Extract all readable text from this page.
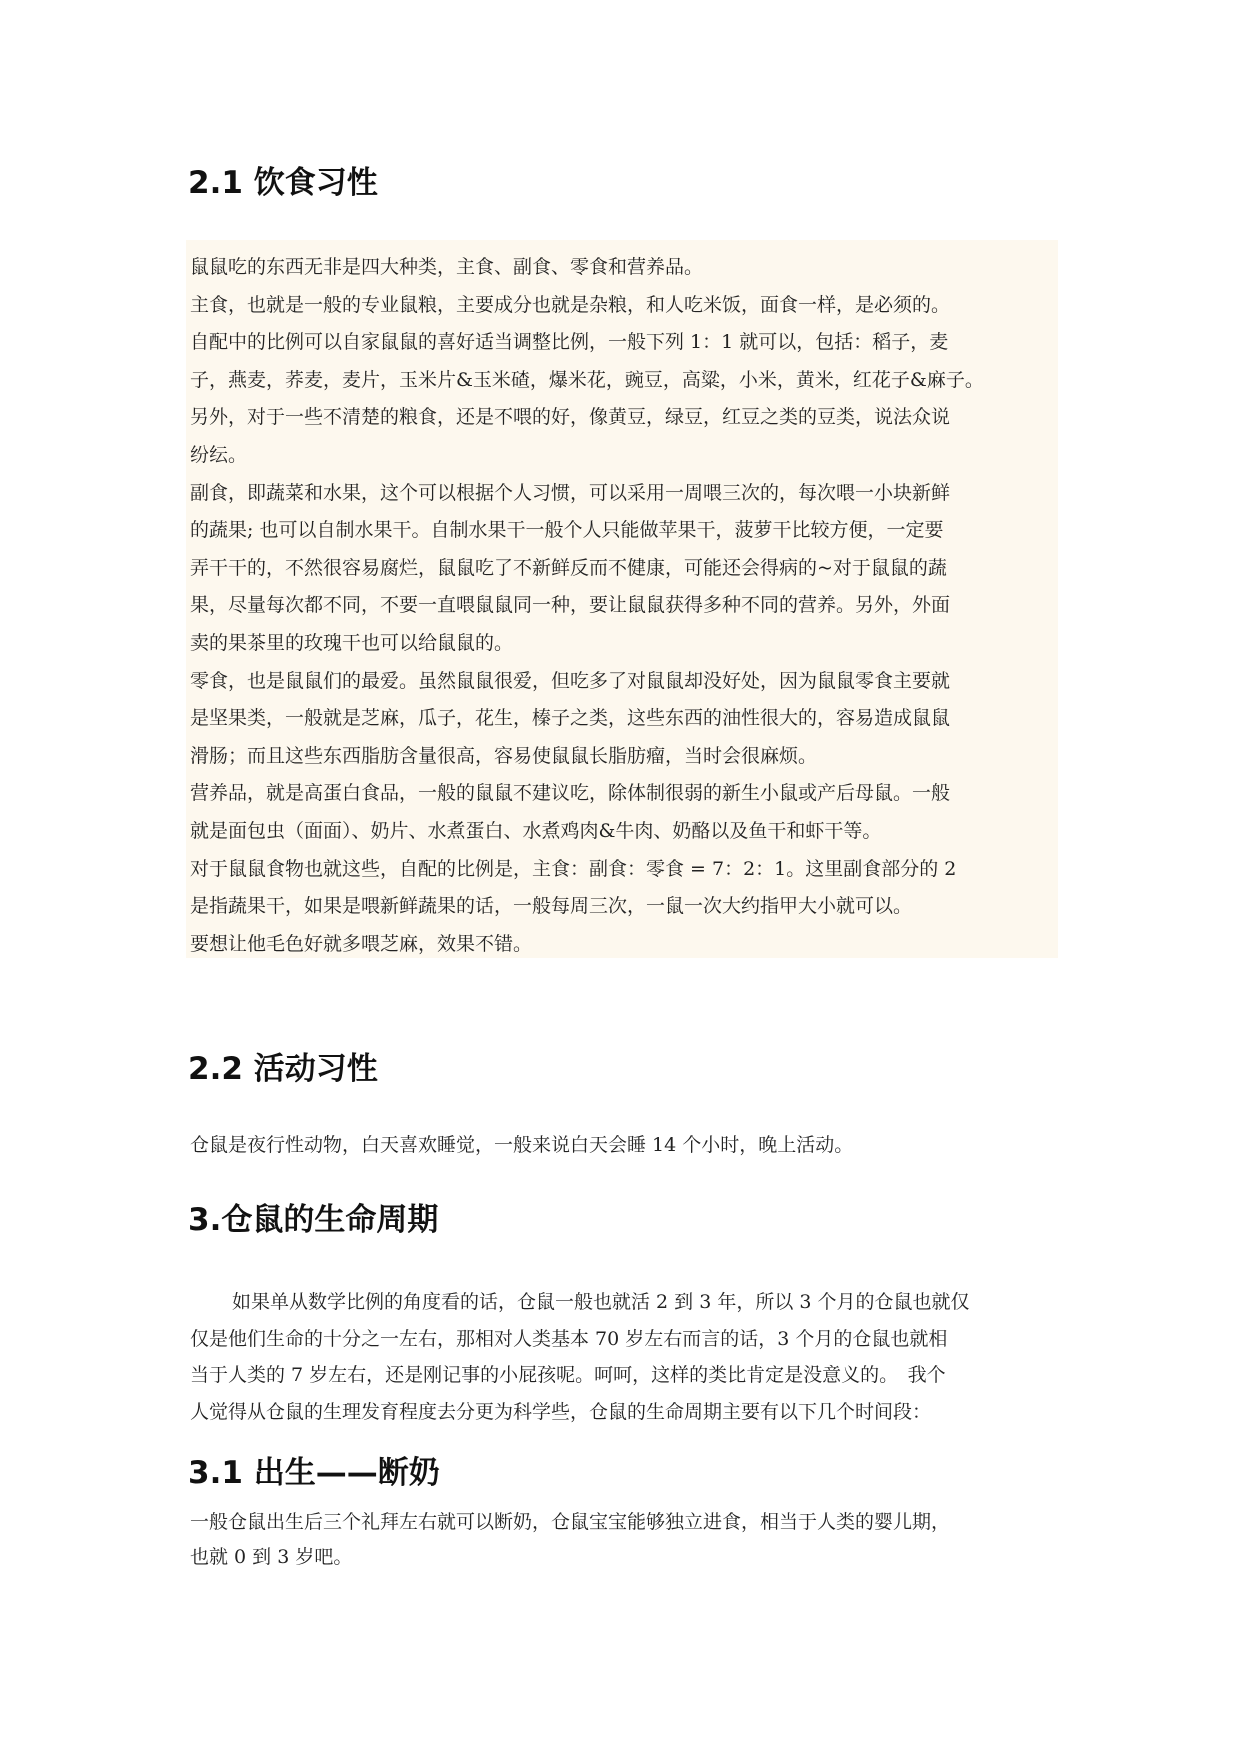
2.1 饮食习性
鼠鼠吃的东西无非是四大种类，主食、副食、零食和营养品。
主食，也就是一般的专业鼠粮，主要成分也就是杂粮，和人吃米饭，面食一样，是必须的。
自配中的比例可以自家鼠鼠的喜好适当调整比例，一般下列 1：1 就可以，包括：稻子，麦
子，燕麦，荞麦，麦片，玉米片&玉米碴，爆米花，豌豆，高粱，小米，黄米，红花子&麻子。
另外，对于一些不清楚的粮食，还是不喂的好，像黄豆，绿豆，红豆之类的豆类，说法众说
纷纭。
副食，即蔬菜和水果，这个可以根据个人习惯，可以采用一周喂三次的，每次喂一小块新鲜
的蔬果; 也可以自制水果干。自制水果干一般个人只能做苹果干，菠萝干比较方便，一定要
弄干干的，不然很容易腐烂，鼠鼠吃了不新鲜反而不健康，可能还会得病的~对于鼠鼠的蔬
果，尽量每次都不同，不要一直喂鼠鼠同一种，要让鼠鼠获得多种不同的营养。另外，外面
卖的果茶里的玫瑰干也可以给鼠鼠的。
零食，也是鼠鼠们的最爱。虽然鼠鼠很爱，但吃多了对鼠鼠却没好处，因为鼠鼠零食主要就
是坚果类，一般就是芝麻，瓜子，花生，榛子之类，这些东西的油性很大的，容易造成鼠鼠
滑肠；而且这些东西脂肪含量很高，容易使鼠鼠长脂肪瘤，当时会很麻烦。
营养品，就是高蛋白食品，一般的鼠鼠不建议吃，除体制很弱的新生小鼠或产后母鼠。一般
就是面包虫（面面）、奶片、水煮蛋白、水煮鸡肉&牛肉、奶酪以及鱼干和虾干等。
对于鼠鼠食物也就这些，自配的比例是，主食：副食：零食 = 7：2：1。这里副食部分的 2
是指蔬果干，如果是喂新鲜蔬果的话，一般每周三次，一鼠一次大约指甲大小就可以。
要想让他毛色好就多喂芝麻，效果不错。
2.2 活动习性
仓鼠是夜行性动物，白天喜欢睡觉，一般来说白天会睡 14 个小时，晚上活动。
3.仓鼠的生命周期
如果单从数学比例的角度看的话，仓鼠一般也就活 2 到 3 年，所以 3 个月的仓鼠也就仅
仅是他们生命的十分之一左右，那相对人类基本 70 岁左右而言的话，3 个月的仓鼠也就相
当于人类的 7 岁左右，还是刚记事的小屁孩呢。呵呵，这样的类比肯定是没意义的。　我个
人觉得从仓鼠的生理发育程度去分更为科学些，仓鼠的生命周期主要有以下几个时间段：
3.1 出生——断奶
一般仓鼠出生后三个礼拜左右就可以断奶，仓鼠宝宝能够独立进食，相当于人类的婴儿期，
也就 0 到 3 岁吧。
